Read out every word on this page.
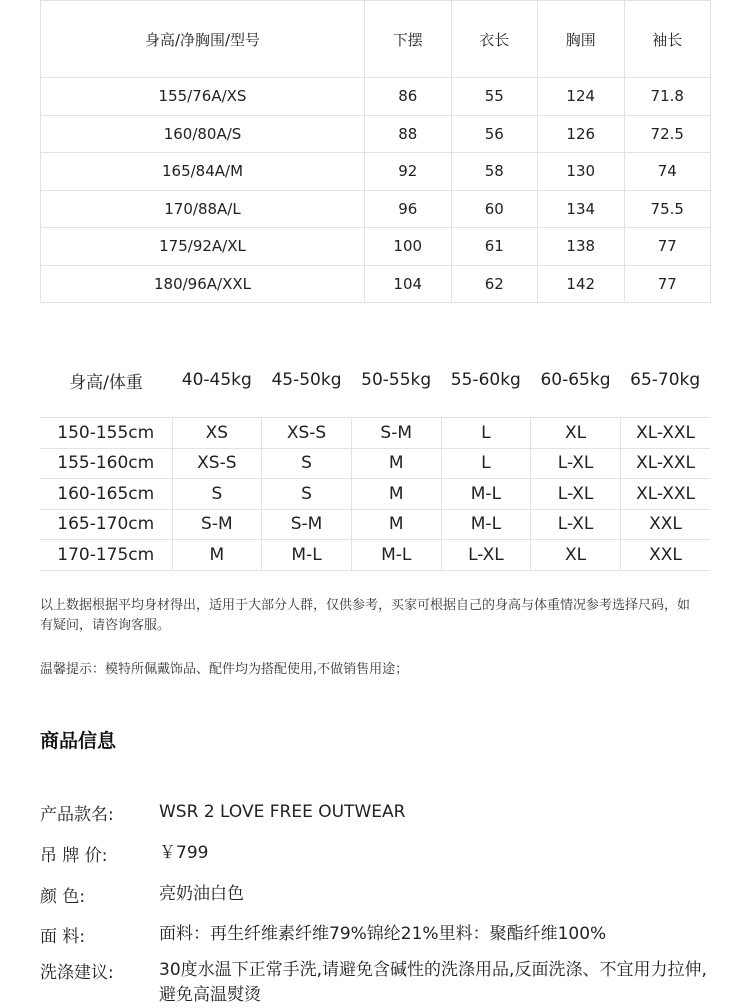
身高/净胸围/型号	下摆	衣长	胸围	袖长
155/76A/XS	86	55	124	71.8
160/80A/S	88	56	126	72.5
165/84A/M	92	58	130	74
170/88A/L	96	60	134	75.5
175/92A/XL	100	61	138	77
180/96A/XXL	104	62	142	77
身高/体重	40-45kg	45-50kg	50-55kg	55-60kg	60-65kg	65-70kg
150-155cm	XS	XS-S	S-M	L	XL	XL-XXL
155-160cm	XS-S	S	M	L	L-XL	XL-XXL
160-165cm	S	S	M	M-L	L-XL	XL-XXL
165-170cm	S-M	S-M	M	M-L	L-XL	XXL
170-175cm	M	M-L	M-L	L-XL	XL	XXL
以上数据根据平均身材得出，适用于大部分人群，仅供参考，买家可根据自己的身高与体重情况参考选择尺码，如有疑问，请咨询客服。
温馨提示：模特所佩戴饰品、配件均为搭配使用,不做销售用途；
商品信息
产品款名:	WSR 2 LOVE FREE OUTWEAR
吊 牌 价:	￥799
颜 色:	亮奶油白色
面 料:	面料：再生纤维素纤维79%锦纶21%里料：聚酯纤维100%
洗涤建议:	30度水温下正常手洗,请避免含碱性的洗涤用品,反面洗涤、不宜用力拉伸,避免高温熨烫
